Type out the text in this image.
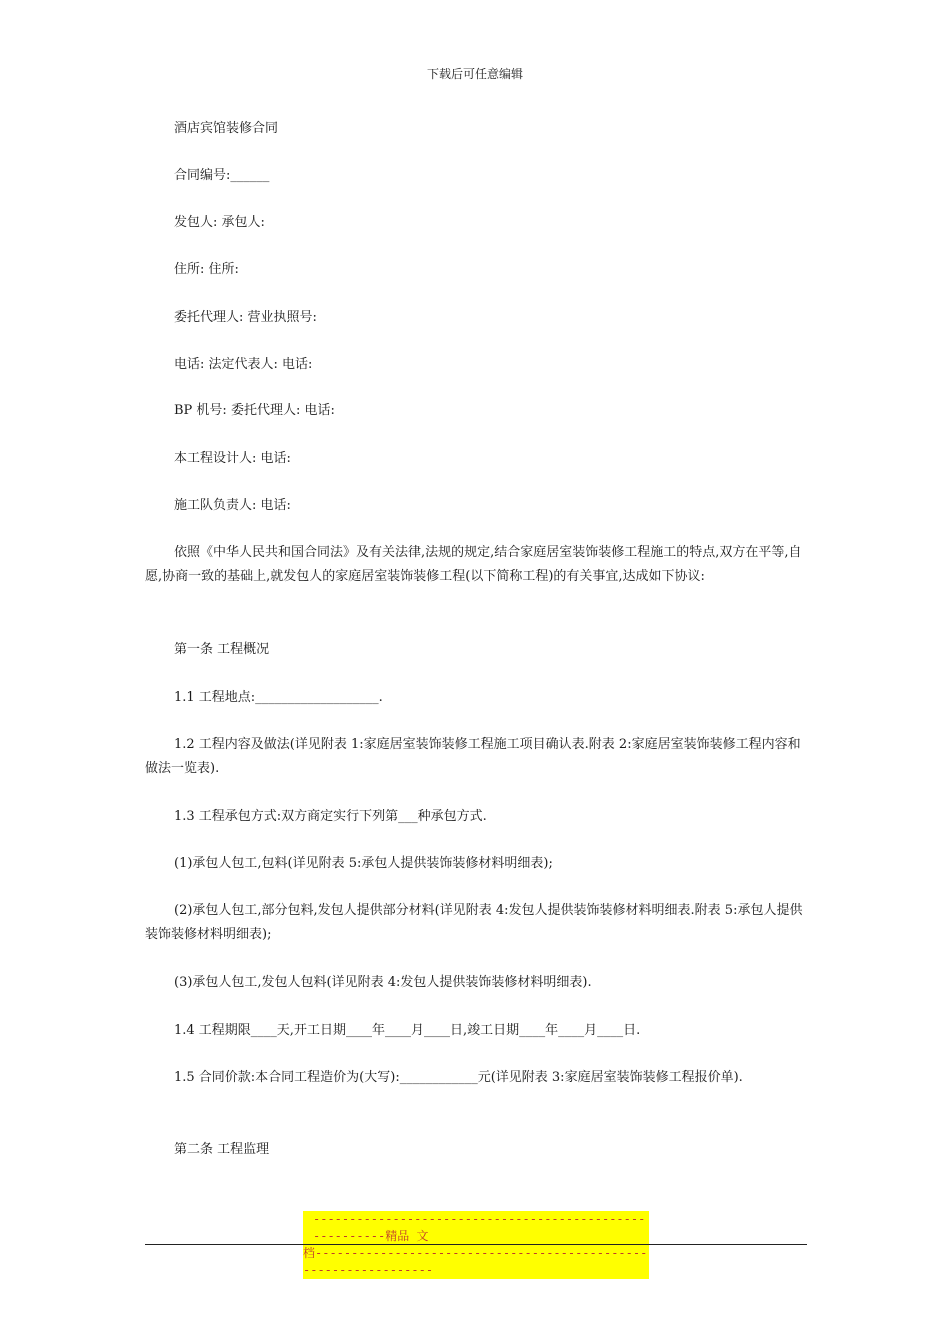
下载后可任意编辑

酒店宾馆装修合同

合同编号:______

发包人: 承包人:

住所: 住所:

委托代理人: 营业执照号:

电话: 法定代表人: 电话:

BP 机号: 委托代理人: 电话:

本工程设计人: 电话:

施工队负责人: 电话:

依照《中华人民共和国合同法》及有关法律,法规的规定,结合家庭居室装饰装修工程施工的特点,双方在平等,自愿,协商一致的基础上,就发包人的家庭居室装饰装修工程(以下简称工程)的有关事宜,达成如下协议:

第一条 工程概况

1.1 工程地点:___________________.

1.2 工程内容及做法(详见附表 1:家庭居室装饰装修工程施工项目确认表.附表 2:家庭居室装饰装修工程内容和做法一览表).

1.3 工程承包方式:双方商定实行下列第___种承包方式.

(1)承包人包工,包料(详见附表 5:承包人提供装饰装修材料明细表);

(2)承包人包工,部分包料,发包人提供部分材料(详见附表 4:发包人提供装饰装修材料明细表.附表 5:承包人提供装饰装修材料明细表);

(3)承包人包工,发包人包料(详见附表 4:发包人提供装饰装修材料明细表).

1.4 工程期限____天,开工日期____年____月____日,竣工日期____年____月____日.

1.5 合同价款:本合同工程造价为(大写):____________元(详见附表 3:家庭居室装饰装修工程报价单).

第二条 工程监理

--------------------------------------------------------精品 文
档----------------------------------------------------------------
